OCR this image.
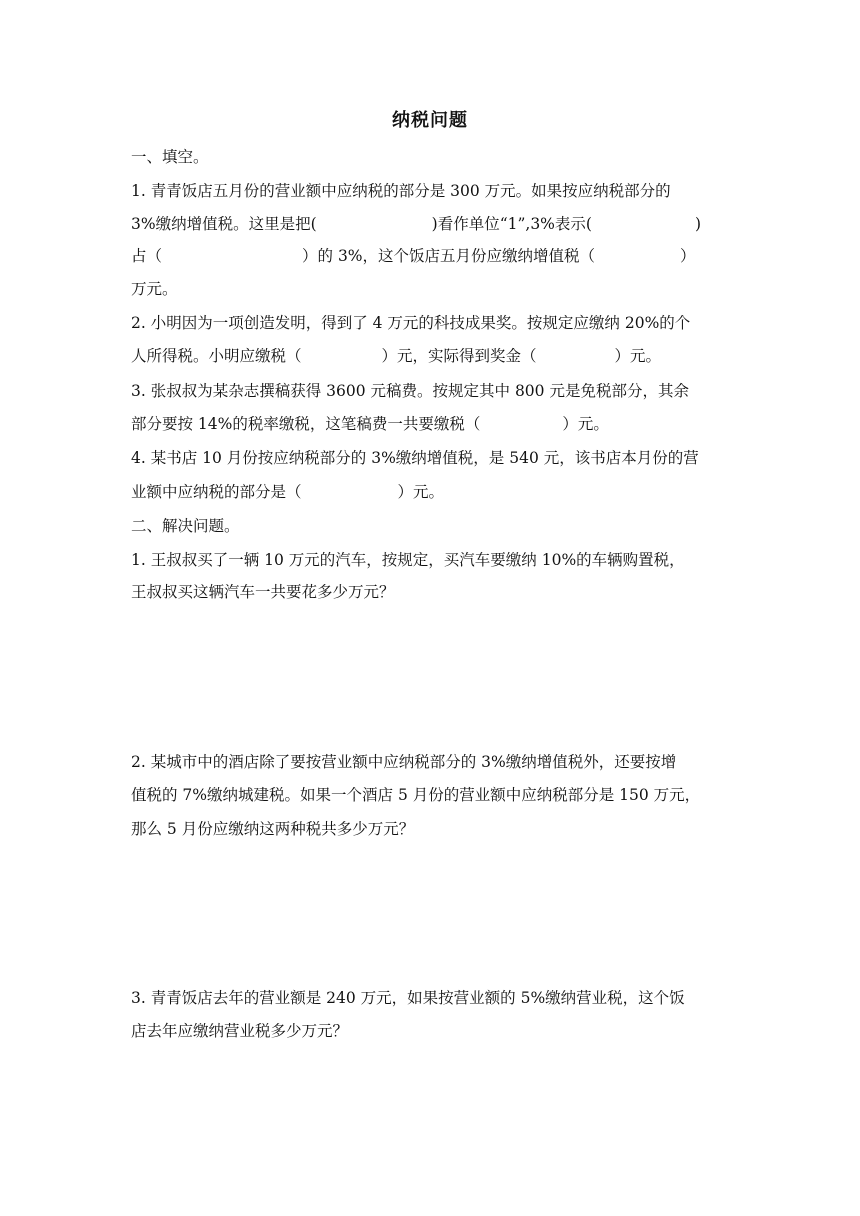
纳税问题
一、填空。
1. 青青饭店五月份的营业额中应纳税的部分是 300 万元。如果按应纳税部分的
3%缴纳增值税。这里是把(	)看作单位“1”,3%表示(	)
占（	）的 3%，这个饭店五月份应缴纳增值税（	）
万元。
2. 小明因为一项创造发明，得到了 4 万元的科技成果奖。按规定应缴纳 20%的个
人所得税。小明应缴税（	）元，实际得到奖金（	）元。
3. 张叔叔为某杂志撰稿获得 3600 元稿费。按规定其中 800 元是免税部分，其余
部分要按 14%的税率缴税，这笔稿费一共要缴税（	）元。
4. 某书店 10 月份按应纳税部分的 3%缴纳增值税，是 540 元，该书店本月份的营
业额中应纳税的部分是（	）元。
二、解决问题。
1. 王叔叔买了一辆 10 万元的汽车，按规定，买汽车要缴纳 10%的车辆购置税，
王叔叔买这辆汽车一共要花多少万元？
2. 某城市中的酒店除了要按营业额中应纳税部分的 3%缴纳增值税外，还要按增
值税的 7%缴纳城建税。如果一个酒店 5 月份的营业额中应纳税部分是 150 万元，
那么 5 月份应缴纳这两种税共多少万元？
3. 青青饭店去年的营业额是 240 万元，如果按营业额的 5%缴纳营业税，这个饭
店去年应缴纳营业税多少万元？
